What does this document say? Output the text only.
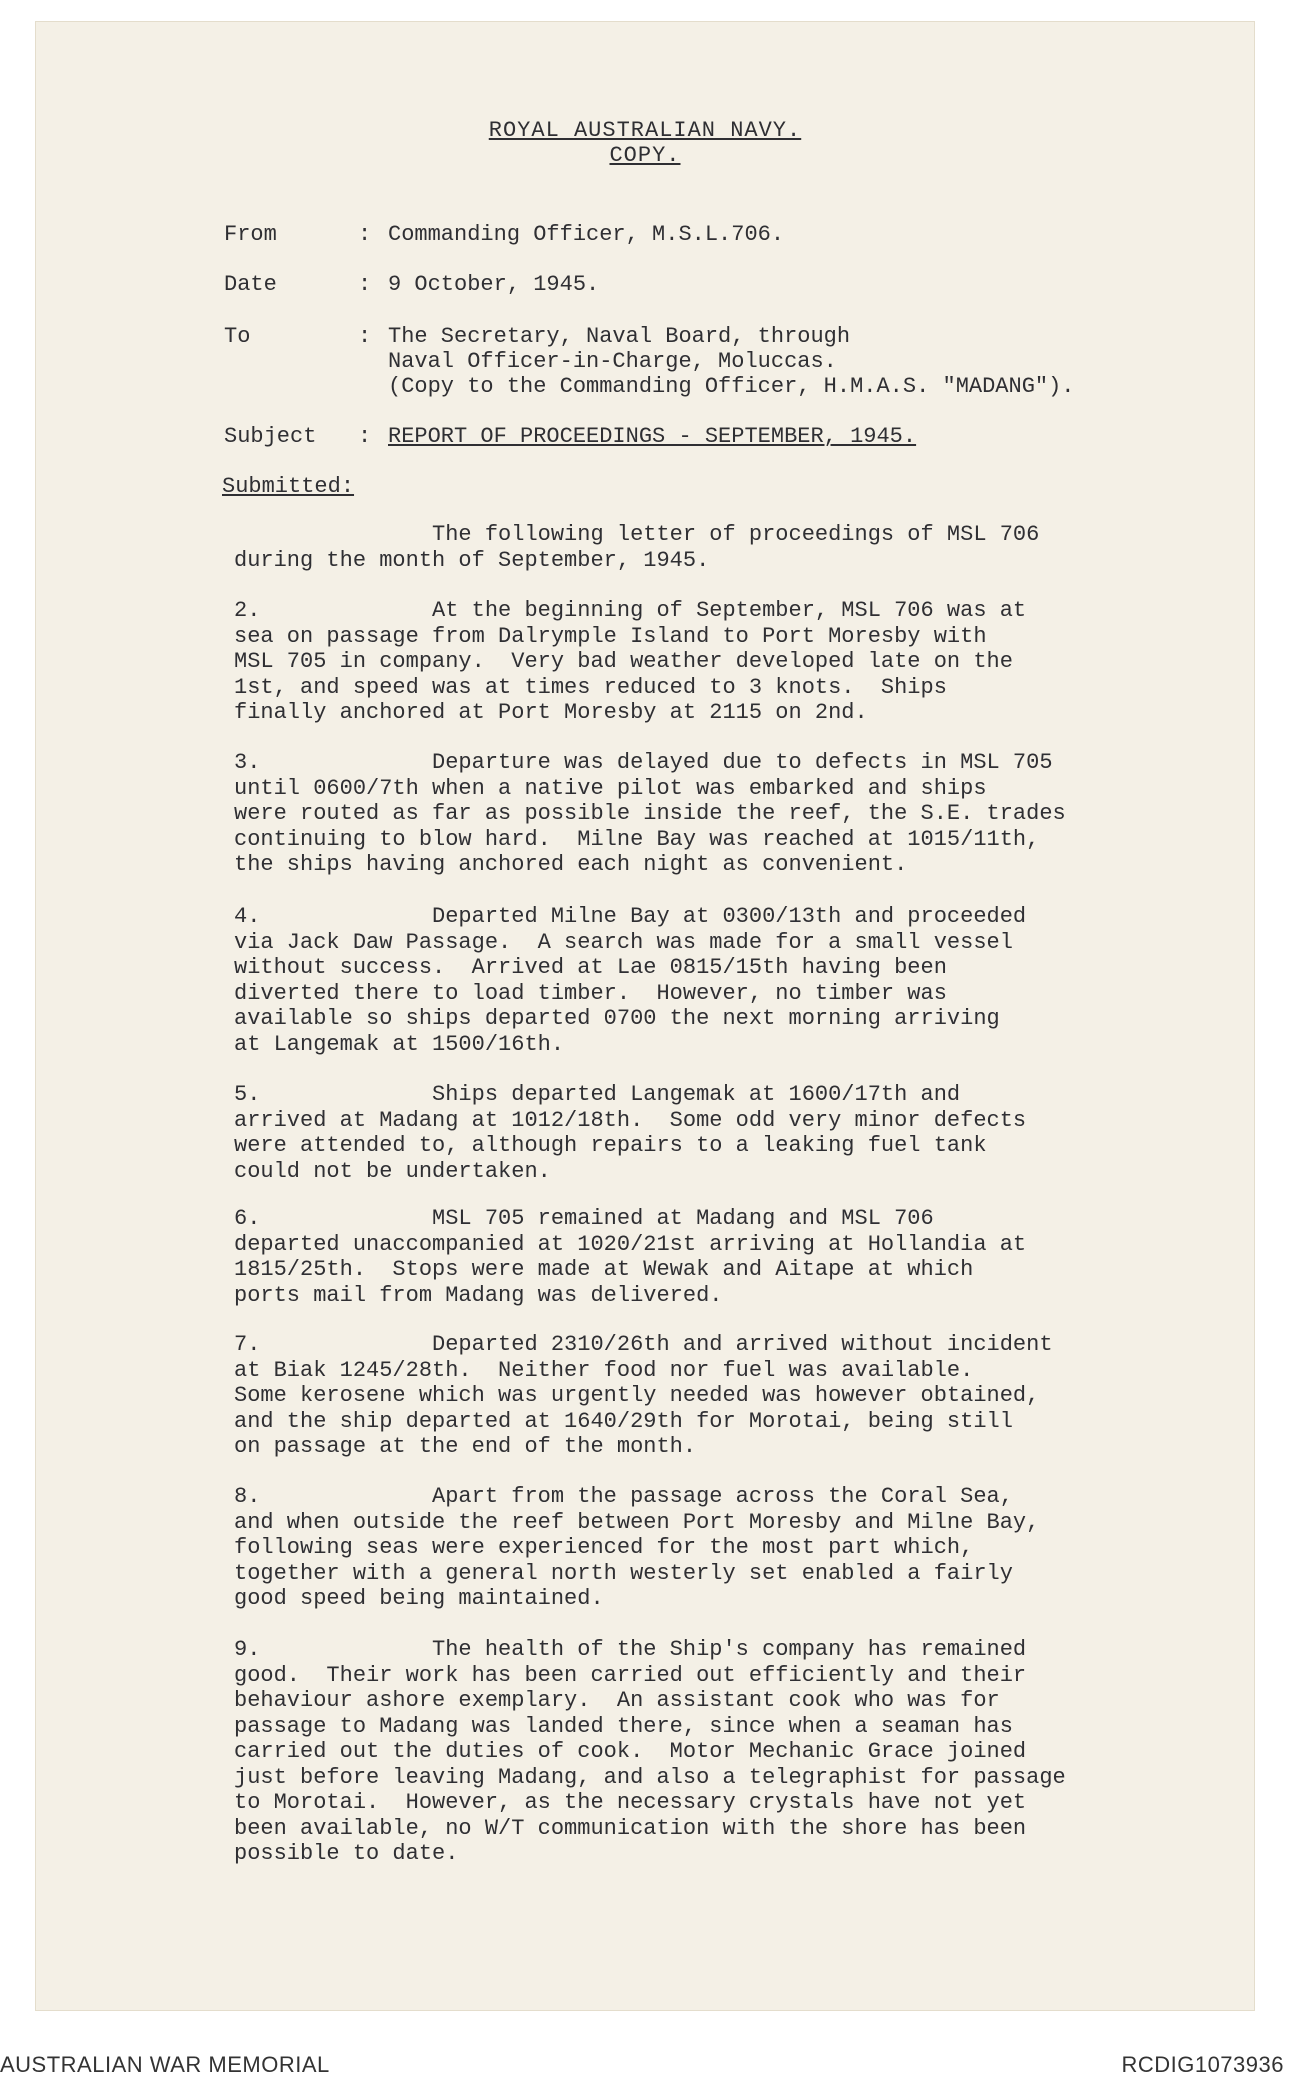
ROYAL AUSTRALIAN NAVY.
COPY.
From	: Commanding Officer, M.S.L.706.
Date	: 9 October, 1945.
To	: The Secretary, Naval Board, through
Naval Officer-in-Charge, Moluccas.
(Copy to the Commanding Officer, H.M.A.S. "MADANG").
Subject : REPORT OF PROCEEDINGS - SEPTEMBER, 1945.
Submitted:
The following letter of proceedings of MSL 706
during the month of September, 1945.
2.             At the beginning of September, MSL 706 was at
sea on passage from Dalrymple Island to Port Moresby with
MSL 705 in company.  Very bad weather developed late on the
1st, and speed was at times reduced to 3 knots.  Ships
finally anchored at Port Moresby at 2115 on 2nd.
3.             Departure was delayed due to defects in MSL 705
until 0600/7th when a native pilot was embarked and ships
were routed as far as possible inside the reef, the S.E. trades
continuing to blow hard.  Milne Bay was reached at 1015/11th,
the ships having anchored each night as convenient.
4.             Departed Milne Bay at 0300/13th and proceeded
via Jack Daw Passage.  A search was made for a small vessel
without success.  Arrived at Lae 0815/15th having been
diverted there to load timber.  However, no timber was
available so ships departed 0700 the next morning arriving
at Langemak at 1500/16th.
5.             Ships departed Langemak at 1600/17th and
arrived at Madang at 1012/18th.  Some odd very minor defects
were attended to, although repairs to a leaking fuel tank
could not be undertaken.
6.             MSL 705 remained at Madang and MSL 706
departed unaccompanied at 1020/21st arriving at Hollandia at
1815/25th.  Stops were made at Wewak and Aitape at which
ports mail from Madang was delivered.
7.             Departed 2310/26th and arrived without incident
at Biak 1245/28th.  Neither food nor fuel was available.
Some kerosene which was urgently needed was however obtained,
and the ship departed at 1640/29th for Morotai, being still
on passage at the end of the month.
8.             Apart from the passage across the Coral Sea,
and when outside the reef between Port Moresby and Milne Bay,
following seas were experienced for the most part which,
together with a general north westerly set enabled a fairly
good speed being maintained.
9.             The health of the Ship's company has remained
good.  Their work has been carried out efficiently and their
behaviour ashore exemplary.  An assistant cook who was for
passage to Madang was landed there, since when a seaman has
carried out the duties of cook.  Motor Mechanic Grace joined
just before leaving Madang, and also a telegraphist for passage
to Morotai.  However, as the necessary crystals have not yet
been available, no W/T communication with the shore has been
possible to date.
AUSTRALIAN WAR MEMORIAL	RCDIG1073936
